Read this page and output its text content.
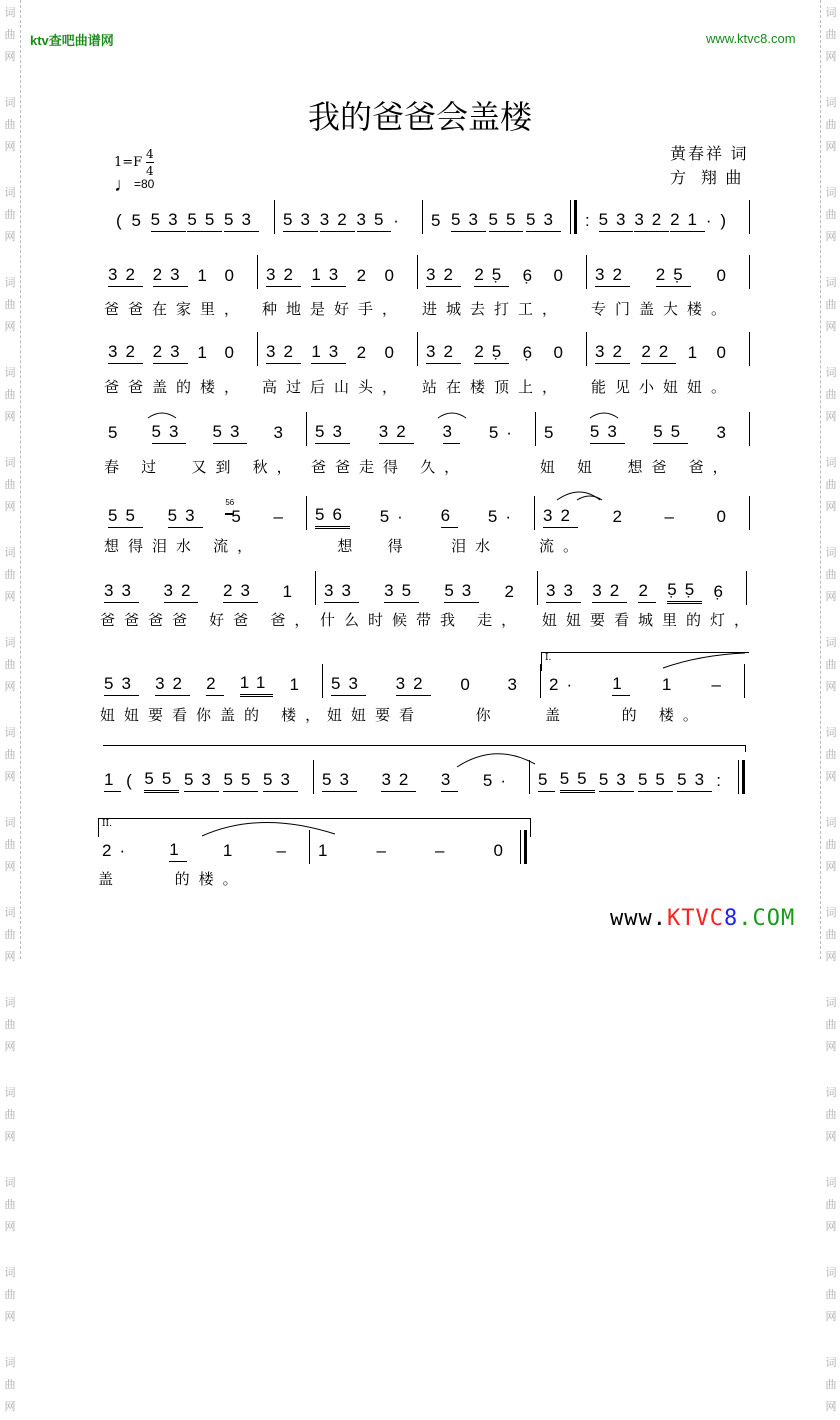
词
曲
网
词
曲
网
词
曲
网
词
曲
网
词
曲
网
词
曲
网
词
曲
网
词
曲
网
词
曲
网
词
曲
网
词
曲
网
词
曲
网
词
曲
网
词
曲
网
词
曲
网
词
曲
网
词
曲
网
词
曲
网
词
曲
网
词
曲
网
词
曲
网
词
曲
网
词
曲
网
词
曲
网
词
曲
网
词
曲
网
词
曲
网
词
曲
网
词
曲
网
词
曲
网
词
曲
网
词
曲
网
ktv查吧曲谱网	www.ktvc8.com
我的爸爸会盖楼
1=F
4
4
♩=80
黄春祥 词
方  翔 曲
( 5 53 55 53 53 32 35 · 5 53 55 53 : 53 32 21 · )
32 23 1 0 32 13 2 0 32 25̣ 6̣ 0 32 25̣ 0
爸爸在家里， 种地是好手， 进城去打工， 专门盖大楼。
32 23 1 0 32 13 2 0 32 25̣ 6̣ 0 32 22 1 0
爸爸盖的楼， 高过后山头， 站在楼顶上， 能见小妞妞。
5 53 53 3 53 32 3 5· 5 53 55 3
春 过  又到 秋， 爸爸走得 久，	妞 妞  想爸 爸，
55 53 5
56
– 56 5· 6 5· 32 2 – 0
想得泪水 流，	想  得   泪水	流。
33 32 23 1 33 35 53 2 33 32 2 5̣5̣ 6̣
爸爸爸爸 好爸 爸， 什么时候带我 走， 妞妞要看城里的灯，
53 32 2 11 1 53 32 0 3 2· 1 1 –
妞妞要看你盖的 楼，
妞妞要看    你	盖    的 楼。
1 ( 55 53 55 53 53 32 3 5· 5 55 53 55 53 :
2· 1 1 – 1 – – 0
盖    的楼。
I.
II.
www.KTVC8.COM
